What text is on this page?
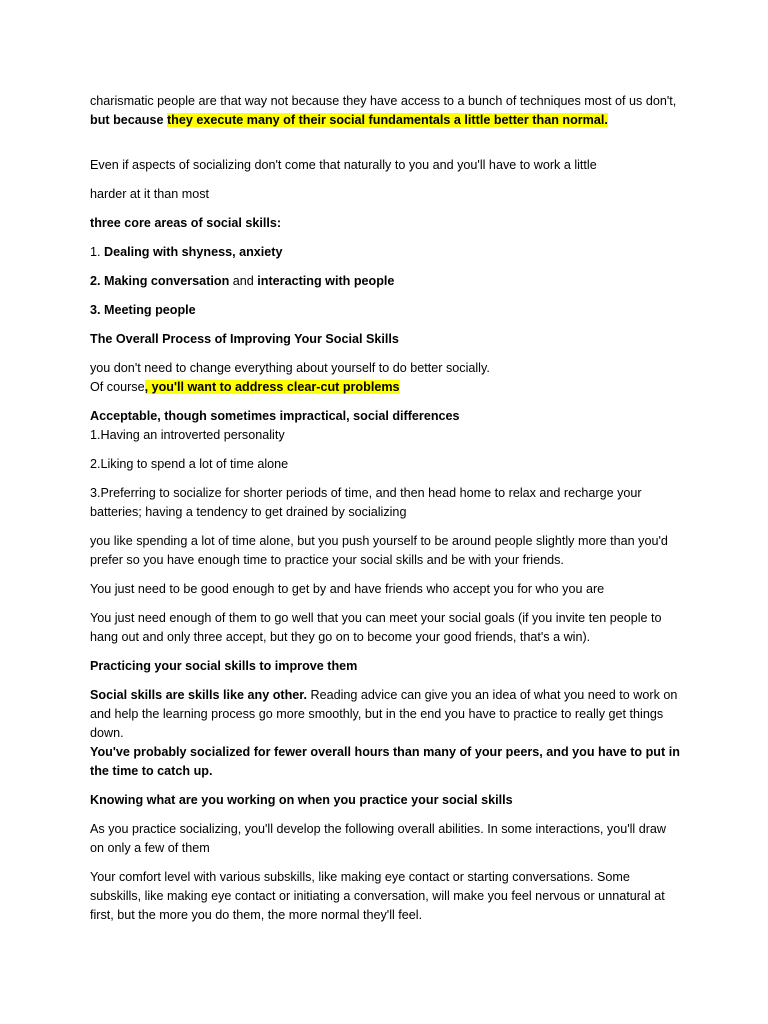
charismatic people are that way not because they have access to a bunch of techniques most of us don't, but because they execute many of their social fundamentals a little better than normal.

Even if aspects of socializing don't come that naturally to you and you'll have to work a little

harder at it than most

three core areas of social skills:

1. Dealing with shyness, anxiety

2. Making conversation and interacting with people

3. Meeting people

The Overall Process of Improving Your Social Skills

you don't need to change everything about yourself to do better socially.

Of course, you'll want to address clear-cut problems

Acceptable, though sometimes impractical, social differences

1.Having an introverted personality

2.Liking to spend a lot of time alone

3.Preferring to socialize for shorter periods of time, and then head home to relax and recharge your batteries; having a tendency to get drained by socializing

you like spending a lot of time alone, but you push yourself to be around people slightly more than you'd prefer so you have enough time to practice your social skills and be with your friends.

You just need to be good enough to get by and have friends who accept you for who you are

You just need enough of them to go well that you can meet your social goals (if you invite ten people to hang out and only three accept, but they go on to become your good friends, that's a win).

Practicing your social skills to improve them

Social skills are skills like any other. Reading advice can give you an idea of what you need to work on and help the learning process go more smoothly, but in the end you have to practice to really get things down.

You've probably socialized for fewer overall hours than many of your peers, and you have to put in the time to catch up.

Knowing what are you working on when you practice your social skills

As you practice socializing, you'll develop the following overall abilities. In some interactions, you'll draw on only a few of them

Your comfort level with various subskills, like making eye contact or starting conversations. Some subskills, like making eye contact or initiating a conversation, will make you feel nervous or unnatural at first, but the more you do them, the more normal they'll feel.
